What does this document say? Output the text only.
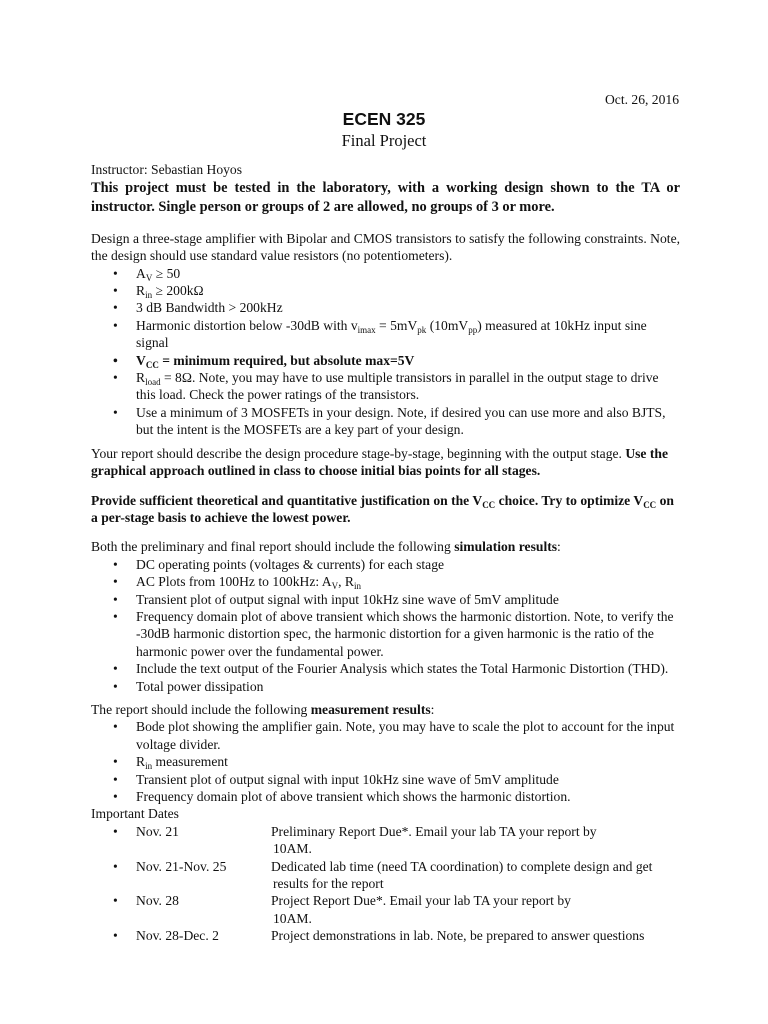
Oct. 26, 2016
ECEN 325
Final Project

Instructor: Sebastian Hoyos

This project must be tested in the laboratory, with a working design shown to the TA or instructor. Single person or groups of 2 are allowed, no groups of 3 or more.

Design a three-stage amplifier with Bipolar and CMOS transistors to satisfy the following constraints. Note, the design should use standard value resistors (no potentiometers).

• $A_V \ge 50$
• $R_{in} \ge 200k\Omega$
• 3 dB Bandwidth > 200kHz
• Harmonic distortion below -30dB with $v_{imax} = 5mV_{pk}$ $(10mV_{pp})$ measured at 10kHz input sine signal
• $V_{CC}$ = minimum required, but absolute max=5V
• $R_{load} = 8\Omega$. Note, you may have to use multiple transistors in parallel in the output stage to drive this load. Check the power ratings of the transistors.
• Use a minimum of 3 MOSFETs in your design. Note, if desired you can use more and also BJTS, but the intent is the MOSFETs are a key part of your design.

Your report should describe the design procedure stage-by-stage, beginning with the output stage. Use the graphical approach outlined in class to choose initial bias points for all stages.

Provide sufficient theoretical and quantitative justification on the $V_{CC}$ choice. Try to optimize $V_{CC}$ on a per-stage basis to achieve the lowest power.

Both the preliminary and final report should include the following simulation results:

• DC operating points (voltages & currents) for each stage
• AC Plots from 100Hz to 100kHz: $A_V$, $R_{in}$
• Transient plot of output signal with input 10kHz sine wave of 5mV amplitude
• Frequency domain plot of above transient which shows the harmonic distortion. Note, to verify the -30dB harmonic distortion spec, the harmonic distortion for a given harmonic is the ratio of the harmonic power over the fundamental power.
• Include the text output of the Fourier Analysis which states the Total Harmonic Distortion (THD).
• Total power dissipation

The report should include the following measurement results:

• Bode plot showing the amplifier gain. Note, you may have to scale the plot to account for the input voltage divider.
• $R_{in}$ measurement
• Transient plot of output signal with input 10kHz sine wave of 5mV amplitude
• Frequency domain plot of above transient which shows the harmonic distortion.

Important Dates

• Nov. 21	Preliminary Report Due*. Email your lab TA your report by
10AM.
• Nov. 21-Nov. 25	Dedicated lab time (need TA coordination) to complete design and get
results for the report
• Nov. 28	Project Report Due*. Email your lab TA your report by
10AM.
• Nov. 28-Dec. 2	Project demonstrations in lab. Note, be prepared to answer questions
